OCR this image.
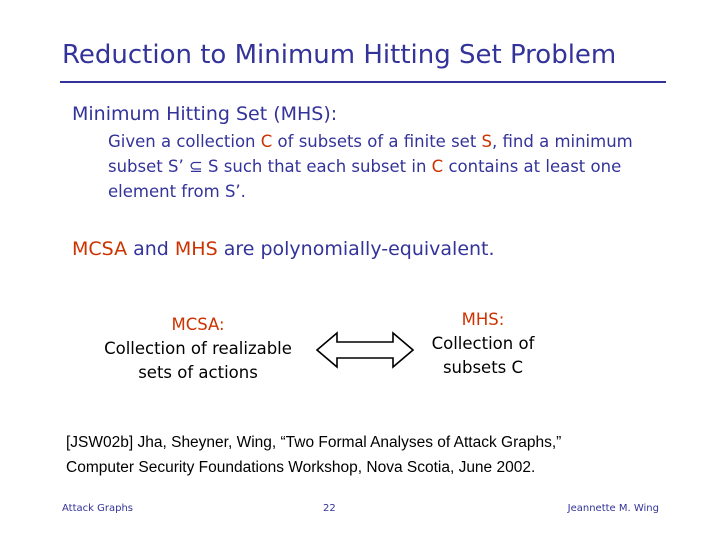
Reduction to Minimum Hitting Set Problem
Minimum Hitting Set (MHS):
Given a collection C of subsets of a finite set S, find a minimum subset S’ ⊆ S such that each subset in C contains at least one element from S’.
MCSA and MHS are polynomially-equivalent.
MCSA:
Collection of realizable
sets of actions
MHS:
Collection of
subsets C
[JSW02b] Jha, Sheyner, Wing, “Two Formal Analyses of Attack Graphs,”
Computer Security Foundations Workshop, Nova Scotia, June 2002.
Attack Graphs	22	Jeannette M. Wing
